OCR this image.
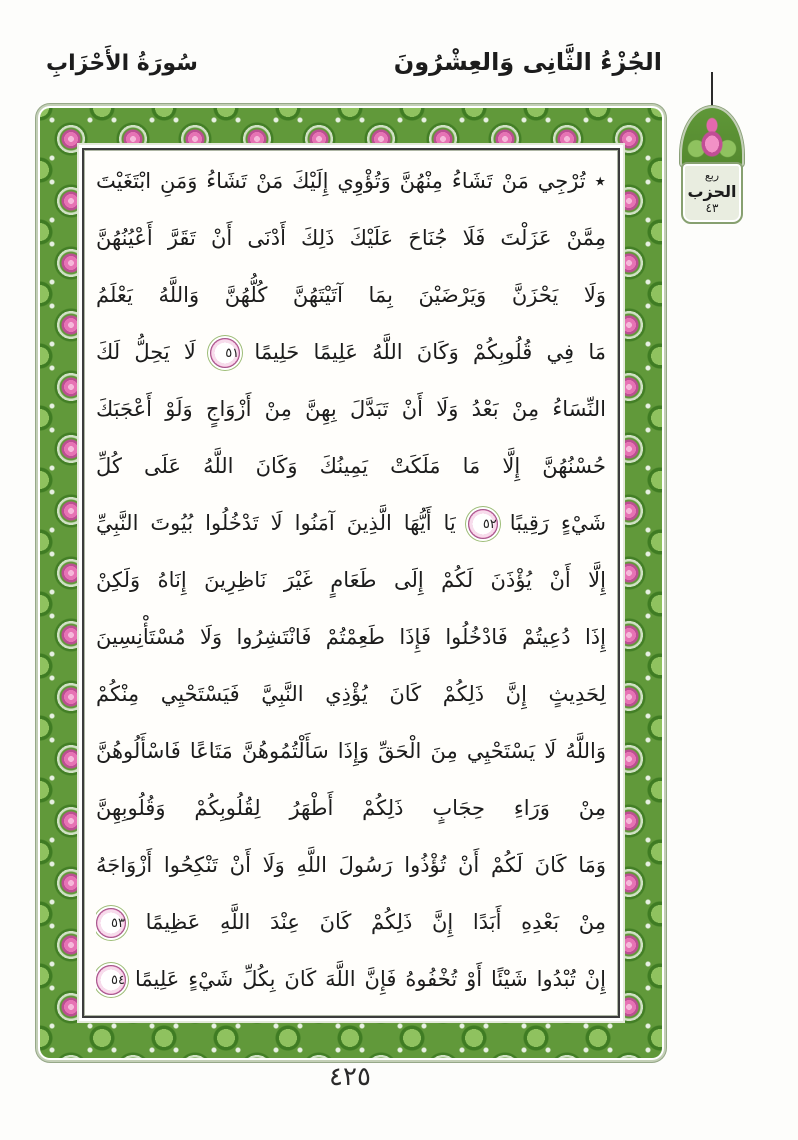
الجُزْءُ الثَّانِى وَالعِشْرُونَ
سُورَةُ الأَحْزَابِ
ربع
الحزب
٤٣
٭ تُرْجِي مَنْ تَشَاءُ مِنْهُنَّ وَتُؤْوِي إِلَيْكَ مَنْ تَشَاءُ وَمَنِ ابْتَغَيْتَ
مِمَّنْ عَزَلْتَ فَلَا جُنَاحَ عَلَيْكَ ذَلِكَ أَدْنَى أَنْ تَقَرَّ أَعْيُنُهُنَّ
وَلَا يَحْزَنَّ وَيَرْضَيْنَ بِمَا آتَيْتَهُنَّ كُلُّهُنَّ وَاللَّهُ يَعْلَمُ
مَا فِي قُلُوبِكُمْ وَكَانَ اللَّهُ عَلِيمًا حَلِيمًا ٥١ لَا يَحِلُّ لَكَ
النِّسَاءُ مِنْ بَعْدُ وَلَا أَنْ تَبَدَّلَ بِهِنَّ مِنْ أَزْوَاجٍ وَلَوْ أَعْجَبَكَ
حُسْنُهُنَّ إِلَّا مَا مَلَكَتْ يَمِينُكَ وَكَانَ اللَّهُ عَلَى كُلِّ
شَيْءٍ رَقِيبًا ٥٢ يَا أَيُّهَا الَّذِينَ آمَنُوا لَا تَدْخُلُوا بُيُوتَ النَّبِيِّ
إِلَّا أَنْ يُؤْذَنَ لَكُمْ إِلَى طَعَامٍ غَيْرَ نَاظِرِينَ إِنَاهُ وَلَكِنْ
إِذَا دُعِيتُمْ فَادْخُلُوا فَإِذَا طَعِمْتُمْ فَانْتَشِرُوا وَلَا مُسْتَأْنِسِينَ
لِحَدِيثٍ إِنَّ ذَلِكُمْ كَانَ يُؤْذِي النَّبِيَّ فَيَسْتَحْيِي مِنْكُمْ
وَاللَّهُ لَا يَسْتَحْيِي مِنَ الْحَقِّ وَإِذَا سَأَلْتُمُوهُنَّ مَتَاعًا فَاسْأَلُوهُنَّ
مِنْ وَرَاءِ حِجَابٍ ذَلِكُمْ أَطْهَرُ لِقُلُوبِكُمْ وَقُلُوبِهِنَّ
وَمَا كَانَ لَكُمْ أَنْ تُؤْذُوا رَسُولَ اللَّهِ وَلَا أَنْ تَنْكِحُوا أَزْوَاجَهُ
مِنْ بَعْدِهِ أَبَدًا إِنَّ ذَلِكُمْ كَانَ عِنْدَ اللَّهِ عَظِيمًا ٥٣
إِنْ تُبْدُوا شَيْئًا أَوْ تُخْفُوهُ فَإِنَّ اللَّهَ كَانَ بِكُلِّ شَيْءٍ عَلِيمًا ٥٤
٤٢٥
